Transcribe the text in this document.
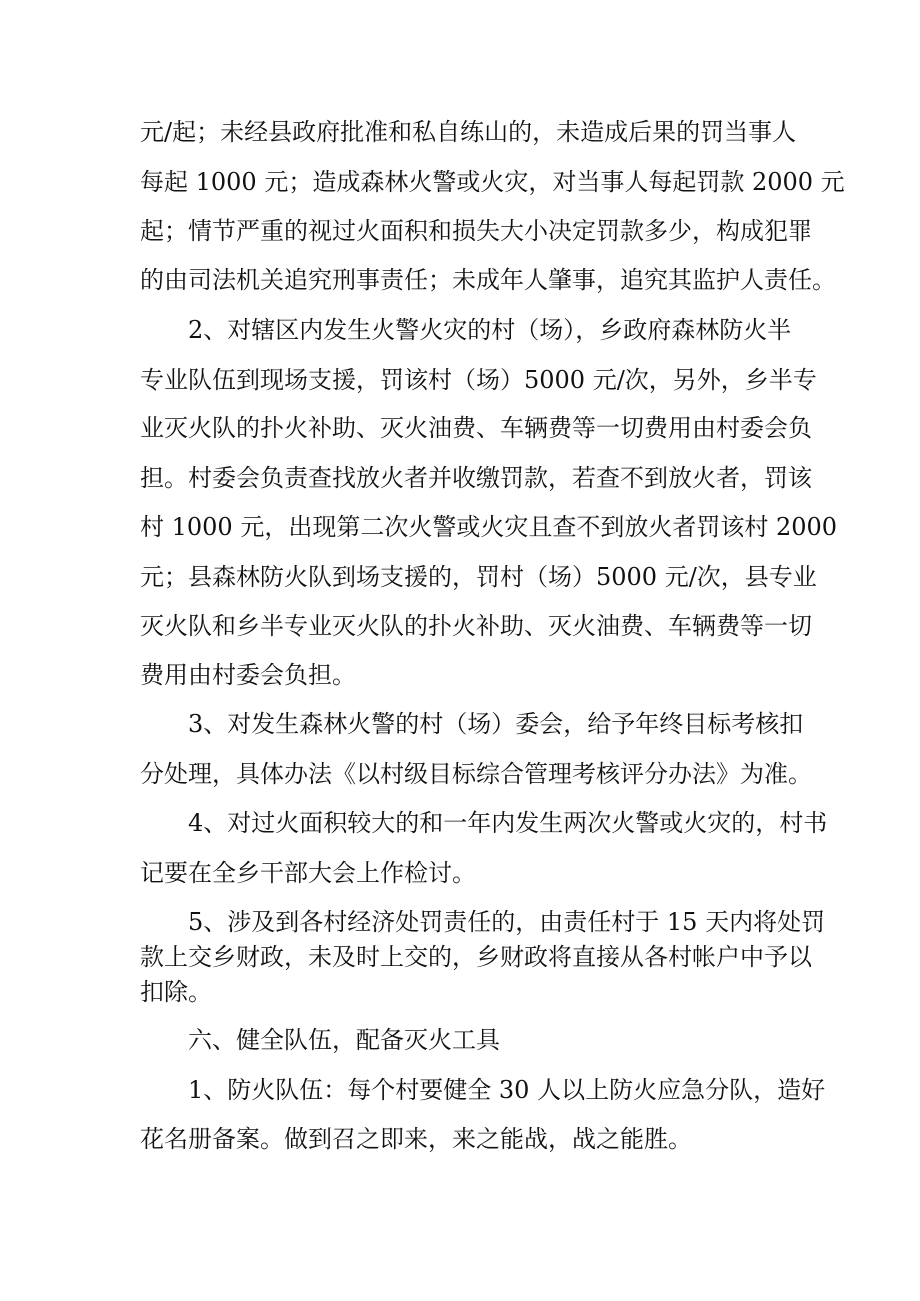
元/起；未经县政府批准和私自练山的，未造成后果的罚当事人
每起 1000 元；造成森林火警或火灾，对当事人每起罚款 2000 元
起；情节严重的视过火面积和损失大小决定罚款多少，构成犯罪
的由司法机关追究刑事责任；未成年人肇事，追究其监护人责任。
2、对辖区内发生火警火灾的村（场），乡政府森林防火半
专业队伍到现场支援，罚该村（场）5000 元/次，另外，乡半专
业灭火队的扑火补助、灭火油费、车辆费等一切费用由村委会负
担。村委会负责查找放火者并收缴罚款，若查不到放火者，罚该
村 1000 元，出现第二次火警或火灾且查不到放火者罚该村 2000
元；县森林防火队到场支援的，罚村（场）5000 元/次，县专业
灭火队和乡半专业灭火队的扑火补助、灭火油费、车辆费等一切
费用由村委会负担。
3、对发生森林火警的村（场）委会，给予年终目标考核扣
分处理，具体办法《以村级目标综合管理考核评分办法》为准。
4、对过火面积较大的和一年内发生两次火警或火灾的，村书
记要在全乡干部大会上作检讨。
5、涉及到各村经济处罚责任的，由责任村于 15 天内将处罚
款上交乡财政，未及时上交的，乡财政将直接从各村帐户中予以
扣除。
六、健全队伍，配备灭火工具
1、防火队伍：每个村要健全 30 人以上防火应急分队，造好
花名册备案。做到召之即来，来之能战，战之能胜。
